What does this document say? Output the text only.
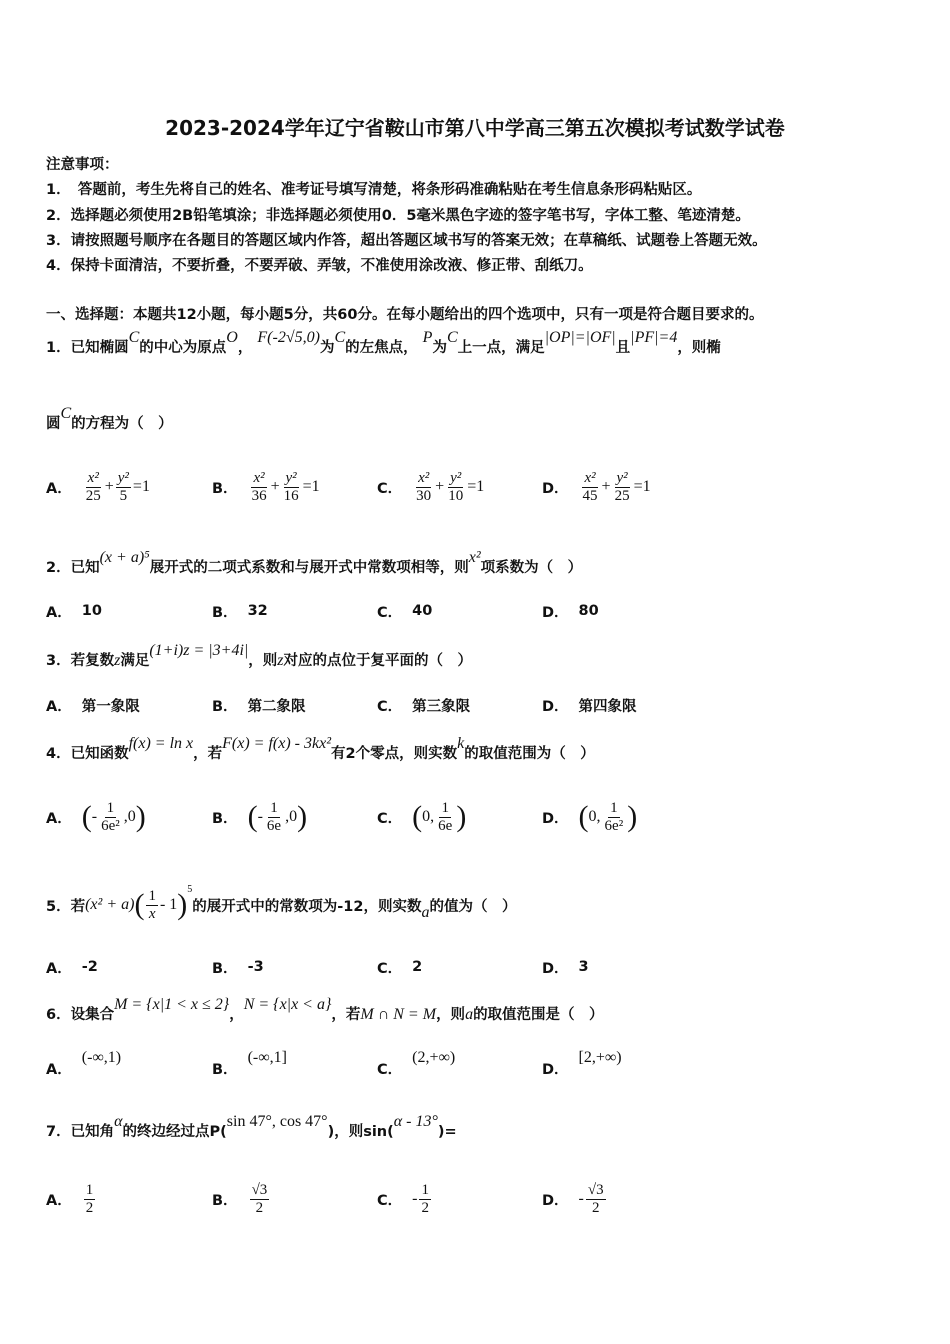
2023-2024学年辽宁省鞍山市第八中学高三第五次模拟考试数学试卷
注意事项：
1．　答题前，考生先将自己的姓名、准考证号填写清楚，将条形码准确粘贴在考生信息条形码粘贴区。
2．选择题必须使用2B铅笔填涂；非选择题必须使用0．5毫米黑色字迹的签字笔书写，字体工整、笔迹清楚。
3．请按照题号顺序在各题目的答题区域内作答，超出答题区域书写的答案无效；在草稿纸、试题卷上答题无效。
4．保持卡面清洁，不要折叠，不要弄破、弄皱，不准使用涂改液、修正带、刮纸刀。
一、选择题：本题共12小题，每小题5分，共60分。在每小题给出的四个选项中，只有一项是符合题目要求的。
1．已知椭圆C的中心为原点O， F(-2√5,0)为C的左焦点， P为C上一点，满足|OP|=|OF|且|PF|=4，则椭
圆C的方程为（　）
A． $\frac{\text{x²}}{25} + \frac{\text{y²}}{5} =1$	B． $\frac{\text{x²}}{36} + \frac{\text{y²}}{16} =1$	C． $\frac{\text{x²}}{30} + \frac{\text{y²}}{10} =1$	D． $\frac{\text{x²}}{45} + \frac{\text{y²}}{25} =1$
2．已知(x + a)⁵展开式的二项式系数和与展开式中常数项相等，则x²项系数为（　）
A． 10	B． 32	C． 40	D． 80
3．若复数z满足(1+i)z = |3+4i|，则z对应的点位于复平面的（　）
A． 第一象限	B． 第二象限	C． 第三象限	D． 第四象限
4．已知函数f(x) = ln x，若F(x) = f(x) - 3kx²有2个零点，则实数k的取值范围为（　）
A． ( - $\frac{1}{\text{6e²}} ,0$ )	B． ( - $\frac{1}{6e} ,0$ )	C． ( 0, $\frac{1}{6e}$ )	D． ( 0, $\frac{1}{\text{6e²}}$ )
5．若 (x² + a) ( $\frac{1}{x} - 1$ )$^5$
的展开式中的常数项为-12，则实数 a 的值为（　）
A． -2	B． -3	C． 2	D． 3
6．设集合M = {x|1 < x ≤ 2}，N = {x|x < a}，若M ∩ N = M，则a的取值范围是（　）
A．
(-∞,1)
B．
(-∞,1]
C．
(2,+∞)
D．
[2,+∞)
7．已知角α的终边经过点P(sin 47°, cos 47°)，则sin(α - 13°)=
A． $\frac{1}{2}$	B． $\frac{√3}{2}$	C． - $\frac{1}{2}$	D． - $\frac{√3}{2}$
